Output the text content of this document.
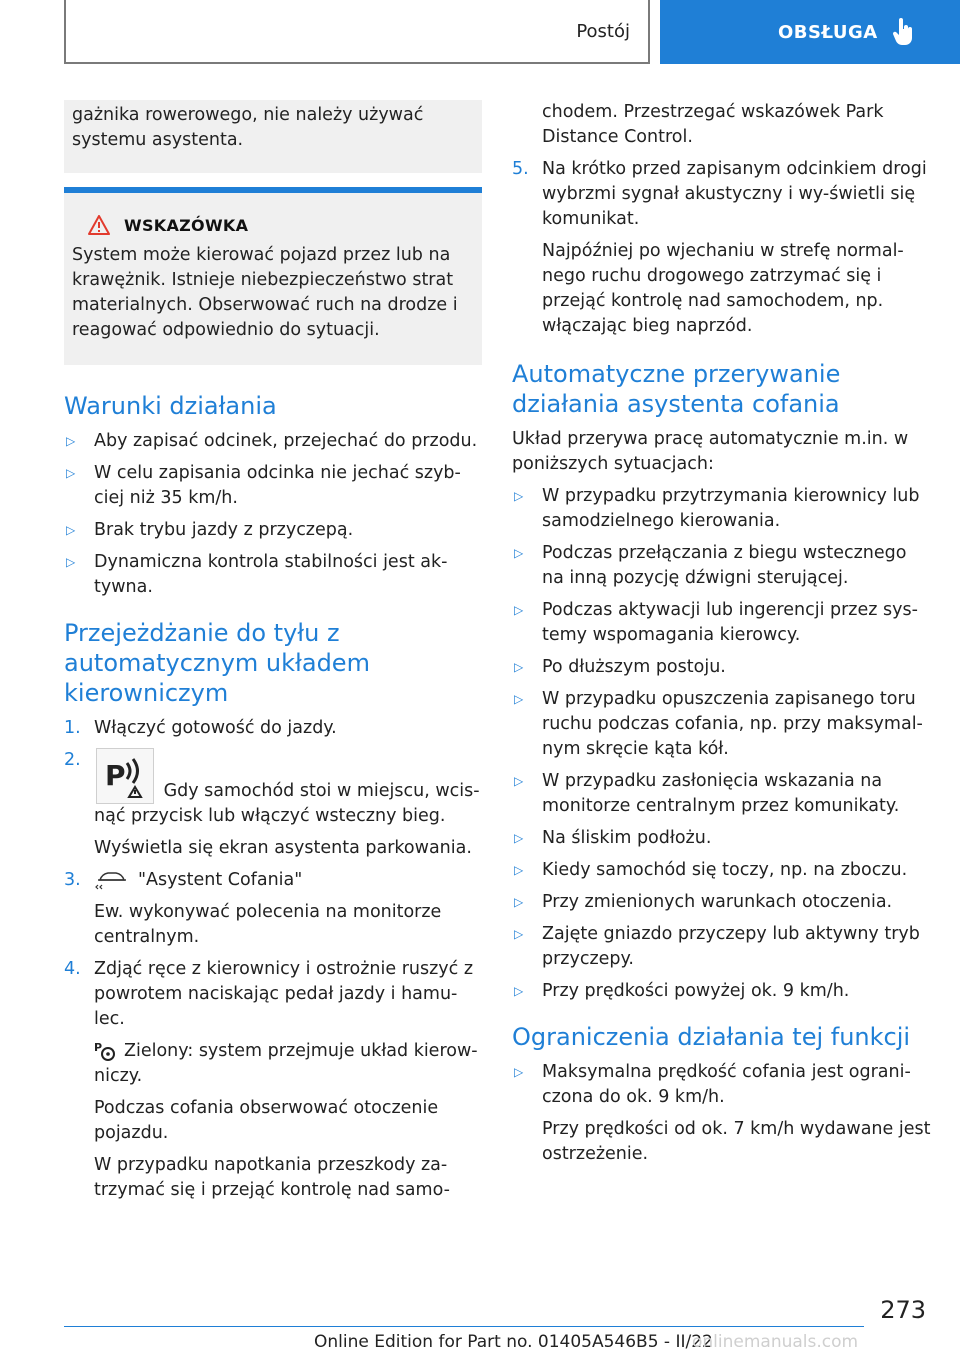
Postój	OBSŁUGA

gażnika rowerowego, nie należy używać systemu asystenta.

WSKAZÓWKA

System może kierować pojazd przez lub na krawężnik. Istnieje niebezpieczeństwo strat materialnych. Obserwować ruch na drodze i reagować odpowiednio do sytuacji.

Warunki działania
▷	Aby zapisać odcinek, przejechać do przodu.
▷	W celu zapisania odcinka nie jechać szyb-ciej niż 35 km/h.
▷	Brak trybu jazdy z przyczepą.
▷	Dynamiczna kontrola stabilności jest ak-tywna.
Przejeżdżanie do tyłu z automatycznym układem kierowniczym
1. Włączyć gotowość do jazdy.
2. P Gdy samochód stoi w miejscu, wcis-nąć przycisk lub włączyć wsteczny bieg.
Wyświetla się ekran asystenta parkowania.
3.	"Asystent Cofania"
Ew. wykonywać polecenia na monitorze centralnym.
4. Zdjąć ręce z kierownicy i ostrożnie ruszyć z powrotem naciskając pedał jazdy i hamu-lec.
P Zielony: system przejmuje układ kierow-niczy.
Podczas cofania obserwować otoczenie pojazdu.
W przypadku napotkania przeszkody za-trzymać się i przejąć kontrolę nad samo-
chodem. Przestrzegać wskazówek Park Distance Control.
5. Na krótko przed zapisanym odcinkiem drogi wybrzmi sygnał akustyczny i wy-świetli się komunikat.
Najpóźniej po wjechaniu w strefę normal-nego ruchu drogowego zatrzymać się i przejąć kontrolę nad samochodem, np. włączając bieg naprzód.
Automatyczne przerywanie działania asystenta cofania

Układ przerywa pracę automatycznie m.in. w poniższych sytuacjach:

▷	W przypadku przytrzymania kierownicy lub samodzielnego kierowania.
▷	Podczas przełączania z biegu wstecznego na inną pozycję dźwigni sterującej.
▷	Podczas aktywacji lub ingerencji przez sys-temy wspomagania kierowcy.
▷	Po dłuższym postoju.
▷	W przypadku opuszczenia zapisanego toru ruchu podczas cofania, np. przy maksymal-nym skręcie kąta kół.
▷	W przypadku zasłonięcia wskazania na monitorze centralnym przez komunikaty.
▷	Na śliskim podłożu.
▷	Kiedy samochód się toczy, np. na zboczu.
▷	Przy zmienionych warunkach otoczenia.
▷	Zajęte gniazdo przyczepy lub aktywny tryb przyczepy.
▷	Przy prędkości powyżej ok. 9 km/h.
Ograniczenia działania tej funkcji
▷	Maksymalna prędkość cofania jest ograni-czona do ok. 9 km/h.
Przy prędkości od ok. 7 km/h wydawane jest ostrzeżenie.
273
Online Edition for Part no. 01405A546B5 - II/22
onlinemanuals.com
